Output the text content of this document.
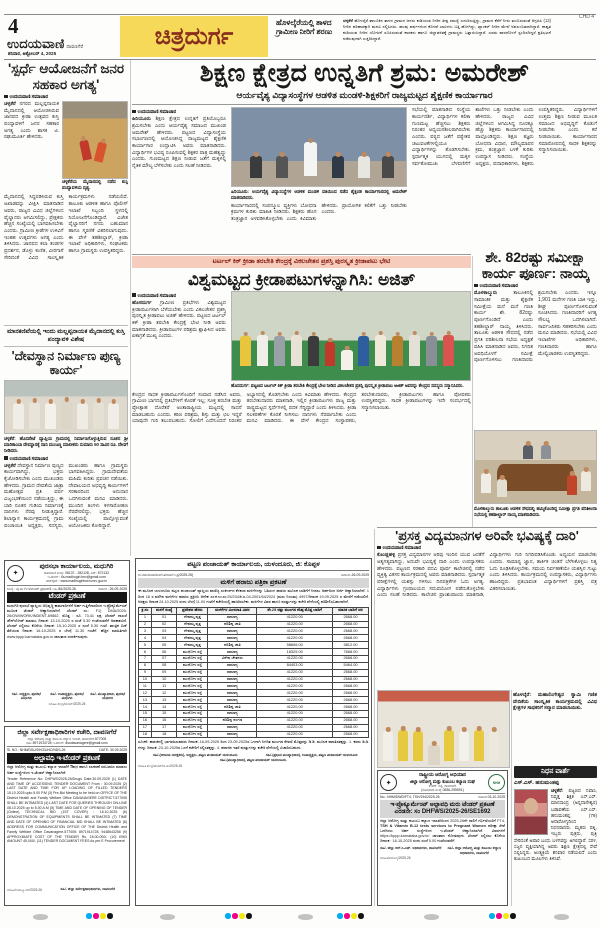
4
ಉದಯವಾಣಿ ದಾವಣಗೆರೆ
ಶನಿವಾರ, ಅಕ್ಟೋಬರ್ 4, 2025
ಚಿತ್ರದುರ್ಗ	ಹೊಳಲ್ಕೆರೆಯಲ್ಲಿ ತಾಳದ ಗ್ರಾಮೀಣ ನೀರಿಗೆ ಶರಣು
ಚಳ್ಳಕೆರೆ ಹೊಳಲ್ಕೆರೆ ತಾಲೂಕಿನ ತಾಳದ ಗ್ರಾಮದ ಜನರು ಕುಡಿಯುವ ನೀರಿನ ತೀವ್ರ ಸಮಸ್ಯೆ ಎದುರಿಸುತ್ತಿದ್ದು, ಗ್ರಾಮದ ಕೆರೆಗೆ ನೀರು ತುಂಬಿಸುವಂತೆ ಆಗ್ರಹಿಸಿ (13) ನೀರಿನ ಪರಿಹಾರಕ್ಕಾಗಿ ಮನವಿ ಸಲ್ಲಿಸಿದರು. ಹಲವು ವರ್ಷಗಳಿಂದ ಕೊಳವೆ ಬಾವಿಗಳು ಬತ್ತಿ ಹೋಗಿದ್ದು, ಟ್ಯಾಂಕರ್ ನೀರಿನ ಮೇಲೆ ಅವಲಂಬಿತರಾಗಿದ್ದಾರೆ. ಶಾಶ್ವತ ಕುಡಿಯುವ ನೀರಿನ ಯೋಜನೆ ರೂಪಿಸುವಂತೆ ಶಾಸಕರು ಹಾಗೂ ಜಿಲ್ಲಾಡಳಿತಕ್ಕೆ ಗ್ರಾಮಸ್ಥರು ಒತ್ತಾಯಿಸಿದ್ದಾರೆ. ಎರಡು ವಾರದೊಳಗೆ ಸ್ಪಂದಿಸದಿದ್ದರೆ ಪ್ರತಿಭಟನೆ ನಡೆಸುವುದಾಗಿ ಎಚ್ಚರಿಸಿದ್ದಾರೆ.
CHD 4
'ಸ್ಪರ್ಧೆ ಆಯೋಜನೆಗೆ ಜನರ ಸಹಕಾರ ಅಗತ್ಯ'
ಉದಯವಾಣಿ ಸಮಾಚಾರ
ಚಳ್ಳಕೆರೆಯ ಮೈದಾನದಲ್ಲಿ ನಡೆದ ಕುಸ್ತಿ ಪಂದ್ಯಾವಳಿಯ ದೃಶ್ಯ.
ಚಳ್ಳಕೆರೆ ನಗರದ ಮಲ್ಲಪ್ಪನಾಯಕ ಮೈದಾನದಲ್ಲಿ ಆಯೋಜಿಸಿರುವ ಜಾನಪದ ಕ್ರೀಡಾ ಉತ್ಸವದ ಕುಸ್ತಿ ಪಂದ್ಯಾವಳಿಗೆ ಜನರ ಸಹಕಾರ ಅಗತ್ಯ ಎಂದು ಶಾಸಕ ಟಿ. ರಘುಮೂರ್ತಿ ಹೇಳಿದರು.
ಮೈದಾನದಲ್ಲಿ ಸಿದ್ಧಪಡಿಸಿರುವ ಕುಸ್ತಿ ಅಖಾಡವನ್ನು ವೀಕ್ಷಿಸಿ ಮಾತನಾಡಿದ ಅವರು, ರಾಜ್ಯದ ವಿವಿಧ ಜಿಲ್ಲೆಗಳಿಂದ ಪೈಲ್ವಾನರು ಆಗಮಿಸಲಿದ್ದು, ಪ್ರೇಕ್ಷಕರು ಹೆಚ್ಚಿನ ಸಂಖ್ಯೆಯಲ್ಲಿ ಭಾಗವಹಿಸಬೇಕು ಎಂದರು. ಗ್ರಾಮೀಣ ಕ್ರೀಡೆಗಳ ಉಳಿವಿಗೆ ಇಂತಹ ಉತ್ಸವಗಳು ಅಗತ್ಯ ಎಂದು ತಿಳಿಸಿದರು. ಜಾನಪದ ಕಲಾ ತಂಡಗಳ ಪ್ರದರ್ಶನ, ಡೊಳ್ಳು ಕುಣಿತ, ವೀರಗಾಸೆ ಸೇರಿದಂತೆ ವಿವಿಧ ಸಾಂಸ್ಕೃತಿಕ ಕಾರ್ಯಕ್ರಮಗಳು ನಡೆಯಲಿವೆ. ತಾಲೂಕು ಆಡಳಿತ ಹಾಗೂ ಪೊಲೀಸ್ ಇಲಾಖೆ ಸಿಬ್ಬಂದಿ ಸ್ಥಳದಲ್ಲಿ ನಿಯೋಜನೆಗೊಂಡಿದ್ದಾರೆ. ವಿಜೇತ ಪೈಲ್ವಾನರಿಗೆ ನಗದು ಬಹುಮಾನ ಹಾಗೂ ಸ್ಮರಣಿಕೆ ವಿತರಿಸಲಾಗುವುದು. ಈ ವೇಳೆ ತಹಶೀಲ್ದಾರ್, ಕ್ರೀಡಾ ಇಲಾಖೆ ಅಧಿಕಾರಿಗಳು, ಸಂಘಟಕರು ಹಾಗೂ ಗ್ರಾಮಸ್ಥರು ಉಪಸ್ಥಿತರಿದ್ದರು.
ಮಾನಕಣಿವೆಯಲ್ಲಿ ಇಂದು ಮಲ್ಲಪ್ಪನಾಯಕ ಮೈದಾನದಲ್ಲಿ ಕುಸ್ತಿ ಪಂದ್ಯಾವಳಿ ವಿಶೇಷ
'ದೇವಸ್ಥಾನ ನಿರ್ಮಾಣ ಪುಣ್ಯ ಕಾರ್ಯ'
ಚಳ್ಳಕೆರೆ: ಹೊಸಪೇಟೆ ವ್ಯಾಪ್ತಿಯ ಗ್ರಾಮದಲ್ಲಿ ನಿರ್ಮಾಣಗೊಳ್ಳುತ್ತಿರುವ ನೂತನ ಶ್ರೀ ಮಾರಿಕಾಂಬಾ ದೇವಸ್ಥಾನಕ್ಕೆ ದಾನಿ ಮಂಜಣ್ಣ ಮಾಲೀಕರು ಸುಮಾರು 50 ಸಾವಿರ ರೂ. ದೇಣಿಗೆ ನೀಡಿದರು.
ಉದಯವಾಣಿ ಸಮಾಚಾರ
ಚಳ್ಳಕೆರೆ ದೇವಸ್ಥಾನ ನಿರ್ಮಾಣ ಪುಣ್ಯದ ಕಾರ್ಯವಾಗಿದ್ದು, ಭಕ್ತರು ಕೈಜೋಡಿಸಬೇಕು ಎಂದು ಮುಖಂಡರು ಹೇಳಿದರು. ಗ್ರಾಮದ ದೇವತೆಯ ಜಾತ್ರಾ ಮಹೋತ್ಸವ ಪ್ರತಿ ವರ್ಷ ವಿಜೃಂಭಣೆಯಿಂದ ನಡೆಯುತ್ತಿದ್ದು, ಈ ಬಾರಿ ನೂತನ ಗುಡಿಯ ನಿರ್ಮಾಣಕ್ಕೆ ದಾನಿಗಳು ನೆರವು ನೀಡುತ್ತಿದ್ದಾರೆ. ಶಿಲಾನ್ಯಾಸ ಕಾರ್ಯಕ್ರಮದಲ್ಲಿ ಗ್ರಾಮ ಪಂಚಾಯಿತಿ ಅಧ್ಯಕ್ಷರು, ಸದಸ್ಯರು, ಮುಖಂಡರು ಹಾಗೂ ಗ್ರಾಮಸ್ಥರು ಭಾಗವಹಿಸಿದ್ದರು. ಗ್ರಾಮದೇವತೆಯ ಮಹಿಮೆ ಕುರಿತು ಪ್ರವಚನ ನಡೆಯಿತು. ದೇವಾಲಯದ ಅಭಿವೃದ್ಧಿ ಕಾರ್ಯಗಳಿಗೆ ಸರಕಾರದಿಂದ ಅನುದಾನ ಒದಗಿಸುವಂತೆ ಮನವಿ ಮಾಡಿದರು. ಮುಂದಿನ ತಿಂಗಳು ಕಳಸಾರೋಹಣ ನೆರವೇರಲಿದ್ದು, ಭಕ್ತರು ಹೆಚ್ಚಿನ ಸಂಖ್ಯೆಯಲ್ಲಿ ಪಾಲ್ಗೊಳ್ಳುವಂತೆ ಆಯೋಜಕರು ಕೋರಿದ್ದಾರೆ.
ಶಿಕ್ಷಣ ಕ್ಷೇತ್ರದ ಉನ್ನತಿಗೆ ಶ್ರಮ: ಅಮರೇಶ್
ಆರ್ಯವೈಶ್ಯ ವಿದ್ಯಾಸಂಸ್ಥೆಗಳ ಆಡಳಿತ ಮಂಡಳಿ-ಶಿಕ್ಷಕರಿಗೆ ರಾಜ್ಯಮಟ್ಟದ ಶೈಕ್ಷಣಿಕ ಕಾರ್ಯಾಗಾರ
ಉದಯವಾಣಿ ಸಮಾಚಾರ
ಹಿರಿಯೂರು ಶಿಕ್ಷಣ ಕ್ಷೇತ್ರದ ಉನ್ನತಿಗೆ ಪ್ರತಿಯೊಬ್ಬರೂ ಶ್ರಮಿಸಬೇಕು ಎಂದು ಆರ್ಯವೈಶ್ಯ ಸಮಾಜದ ಮುಖಂಡ ಅಮರೇಶ್ ಹೇಳಿದರು. ಪಟ್ಟಣದ ವಿದ್ಯಾಸಂಸ್ಥೆಯ ಸಭಾಂಗಣದಲ್ಲಿ ಆಯೋಜಿಸಿದ್ದ ರಾಜ್ಯಮಟ್ಟದ ಶೈಕ್ಷಣಿಕ ಕಾರ್ಯಾಗಾರ ಉದ್ಘಾಟಿಸಿ ಅವರು ಮಾತನಾಡಿದರು. ವಿದ್ಯಾರ್ಥಿಗಳ ಭವಿಷ್ಯ ರೂಪಿಸುವಲ್ಲಿ ಶಿಕ್ಷಕರ ಪಾತ್ರ ಮಹತ್ವದ್ದು ಎಂದರು. ಗುಣಮಟ್ಟದ ಶಿಕ್ಷಣ ನೀಡುವ ಜತೆಗೆ ಮಕ್ಕಳಲ್ಲಿ ನೈತಿಕ ಮೌಲ್ಯ ಬೆಳೆಸಬೇಕು ಎಂದು ಸಲಹೆ ನೀಡಿದರು.
ಹಿರಿಯೂರು: ಆರ್ಯವೈಶ್ಯ ವಿದ್ಯಾಸಂಸ್ಥೆಗಳ ಆಡಳಿತ ಮಂಡಳಿ ವತಿಯಿಂದ ನಡೆದ ಶೈಕ್ಷಣಿಕ ಕಾರ್ಯಾಗಾರದಲ್ಲಿ ಅಮರೇಶ್ ಮಾತನಾಡಿದರು.
ಕಾರ್ಯಾಗಾರದಲ್ಲಿ ಸಂಪನ್ಮೂಲ ವ್ಯಕ್ತಿಗಳು ಬೋಧನಾ ಕ್ರಮಗಳ ಕುರಿತು ಮಾಹಿತಿ ನೀಡಿದರು. ಶಿಕ್ಷಕರು ಹೊಸ ತಂತ್ರಜ್ಞಾನ ಅಳವಡಿಸಿಕೊಳ್ಳಬೇಕು ಎಂದು ಕಿವಿಮಾತು ಹೇಳಿದರು. ಪ್ರಾಯೋಗಿಕ ಕಲಿಕೆಗೆ ಒತ್ತು ನೀಡಬೇಕು ಎಂದರು.
ಸಭೆಯಲ್ಲಿ ಮಾತನಾಡಿದ ಸಂಸ್ಥೆಯ ಕಾರ್ಯದರ್ಶಿ, ವಿದ್ಯಾರ್ಥಿಗಳ ಕಲಿಕಾ ಗುಣಮಟ್ಟ ಹೆಚ್ಚಿಸಲು ಶಿಕ್ಷಕರು ನಿರಂತರ ಅಧ್ಯಯನಶೀಲರಾಗಿರಬೇಕು ಎಂದರು. ಪಠ್ಯದ ಜತೆಗೆ ಪಠ್ಯೇತರ ಚಟುವಟಿಕೆಗಳಲ್ಲಿಯೂ ವಿದ್ಯಾರ್ಥಿಗಳನ್ನು ತೊಡಗಿಸಬೇಕು. ಸ್ಪರ್ಧಾತ್ಮಕ ಯುಗದಲ್ಲಿ ಮಕ್ಕಳ ಸರ್ವತೋಮುಖ ಬೆಳವಣಿಗೆಗೆ ಶಾಲೆಗಳು ಒತ್ತು ನೀಡಬೇಕು ಎಂದು ಹೇಳಿದರು. ರಾಜ್ಯದ ವಿವಿಧ ಜಿಲ್ಲೆಗಳಿಂದ ಆಗಮಿಸಿದ್ದ ನೂರಕ್ಕೂ ಹೆಚ್ಚು ಶಿಕ್ಷಕರು ಕಾರ್ಯಾಗಾರದಲ್ಲಿ ಪಾಲ್ಗೊಂಡಿದ್ದರು. ಶಿಕ್ಷಣ ತಜ್ಞರು ಬೋಧನಾ ವಿಧಾನ, ಮೌಲ್ಯಮಾಪನ ಕ್ರಮ, ತಂತ್ರಜ್ಞಾನ ಬಳಕೆ ಕುರಿತು ಉಪನ್ಯಾಸ ನೀಡಿದರು. ಸಂಸ್ಥೆಯ ಅಧ್ಯಕ್ಷರು, ಪದಾಧಿಕಾರಿಗಳು, ಶಿಕ್ಷಕರು ಉಪಸ್ಥಿತರಿದ್ದರು. ವಿದ್ಯಾರ್ಥಿಗಳಿಗೆ ಉತ್ತಮ ಶಿಕ್ಷಣ ನೀಡುವ ಮೂಲಕ ಸಮಾಜದ ಅಭಿವೃದ್ಧಿಗೆ ಕೊಡುಗೆ ನೀಡಬೇಕು ಎಂದು ಕರೆ ನೀಡಲಾಯಿತು. ಕಾರ್ಯಾಗಾರದ ಸಮಾರೋಪದಲ್ಲಿ ಸಾಧಕ ಶಿಕ್ಷಕರನ್ನು ಸನ್ಮಾನಿಸಲಾಯಿತು.
ಟರ್ಟಲ್ ಕಿಕ್ ಕ್ರೀಡಾ ತರಬೇತಿ ಕೇಂದ್ರಕ್ಕೆ ವಿಕಲಚೇತನ ಪ್ರಶಸ್ತಿ ಪುರಸ್ಕೃತ ಕ್ರೀಡಾಪಟು ಭೇಟಿ
ವಿಶ್ವಮಟ್ಟದ ಕ್ರೀಡಾಪಟುಗಳನ್ನಾಗಿಸಿ: ಅಜಿತ್
ಉದಯವಾಣಿ ಸಮಾಚಾರ
ಹೊಸದುರ್ಗ ಗ್ರಾಮೀಣ ಪ್ರತಿಭೆಗಳು ವಿಶ್ವಮಟ್ಟದ ಕ್ರೀಡಾಪಟುಗಳಾಗಿ ಬೆಳೆಯಬೇಕು ಎಂದು ವಿಕಲಚೇತನ ಪ್ರಶಸ್ತಿ ಪುರಸ್ಕೃತ ಕ್ರೀಡಾಪಟು ಅಜಿತ್ ಹೇಳಿದರು. ಪಟ್ಟಣದ ಟರ್ಟಲ್ ಕಿಕ್ ಕ್ರೀಡಾ ತರಬೇತಿ ಕೇಂದ್ರಕ್ಕೆ ಭೇಟಿ ನೀಡಿ ಅವರು ಮಾತನಾಡಿದರು. ಕ್ರೀಡಾಪಟುಗಳ ಪರಿಶ್ರಮ ಶ್ಲಾಘಿಸಿದ ಅವರು ಏಕಾಗ್ರತೆ ಮುಖ್ಯ ಎಂದರು.
ಹೊಸದುರ್ಗ: ಪಟ್ಟಣದ ಟರ್ಟಲ್ ಕಿಕ್ ಕ್ರೀಡಾ ತರಬೇತಿ ಕೇಂದ್ರಕ್ಕೆ ಭೇಟಿ ನೀಡಿದ ವಿಕಲಚೇತನ ಪ್ರಶಸ್ತಿ ಪುರಸ್ಕೃತ ಕ್ರೀಡಾಪಟು ಅಜಿತ್ ಅವರನ್ನು ಕೇಂದ್ರದ ಸದಸ್ಯರು ಸನ್ಮಾನಿಸಿದರು.
ಕೇಂದ್ರದ ಸಾಧಕ ಕ್ರೀಡಾಪಟುಗಳೊಂದಿಗೆ ಸಂವಾದ ನಡೆಸಿದ ಅವರು, ಗ್ರಾಮೀಣ ಭಾಗದಲ್ಲಿ ಪ್ರತಿಭೆಗಳಿಗೆ ಕೊರತೆ ಇಲ್ಲ; ಸೂಕ್ತ ತರಬೇತಿ ಮತ್ತು ಪ್ರೋತ್ಸಾಹ ದೊರೆತರೆ ಅಂತಾರಾಷ್ಟ್ರೀಯ ಮಟ್ಟದಲ್ಲಿ ಸಾಧನೆ ಮಾಡಬಹುದು ಎಂದರು. ಕಠಿಣ ಪರಿಶ್ರಮ, ಶಿಸ್ತು ಮತ್ತು ಛಲ ಇದ್ದರೆ ಯಾವುದೇ ಗುರಿ ತಲುಪಬಹುದು. ಸೋಲಿಗೆ ಎದೆಗುಂದದೆ ನಿರಂತರ ಅಭ್ಯಾಸದಲ್ಲಿ ತೊಡಗಬೇಕು ಎಂದು ಕಿವಿಮಾತು ಹೇಳಿದರು. ಕೇಂದ್ರದ ತರಬೇತುದಾರರು ಮಾತನಾಡಿ, ಇಲ್ಲಿನ ಕ್ರೀಡಾಪಟುಗಳು ರಾಜ್ಯ ಮತ್ತು ರಾಷ್ಟ್ರಮಟ್ಟದ ಸ್ಪರ್ಧೆಗಳಲ್ಲಿ ಪದಕ ಗೆದ್ದಿದ್ದಾರೆ ಎಂದು ತಿಳಿಸಿದರು. ಕ್ರೀಡಾ ಸಲಕರಣೆಗಳ ಕೊರತೆ ನೀಗಿಸಲು ದಾನಿಗಳು ನೆರವಾಗಬೇಕು ಎಂದು ಮನವಿ ಮಾಡಿದರು. ಈ ವೇಳೆ ಕೇಂದ್ರದ ಸಂಸ್ಥಾಪಕರು, ತರಬೇತುದಾರರು, ಕ್ರೀಡಾಪಟುಗಳು ಹಾಗೂ ಪೋಷಕರು ಉಪಸ್ಥಿತರಿದ್ದರು. ಸಾಧಕ ಕ್ರೀಡಾಪಟುಗಳನ್ನು ಇದೇ ಸಂದರ್ಭದಲ್ಲಿ ಸನ್ಮಾನಿಸಲಾಯಿತು.
ಶೇ. 82ರಷ್ಟು ಸಮೀಕ್ಷಾ ಕಾರ್ಯ ಪೂರ್ಣ: ನಾಯ್ಕ
ಉದಯವಾಣಿ ಸಮಾಚಾರ
ಮೊಳಕಾಲ್ಮುರು	ತಾಲೂಕಿನಲ್ಲಿ ಸಾಮಾಜಿಕ ಮತ್ತು ಶೈಕ್ಷಣಿಕ ಸಮೀಕ್ಷೆಯ ಮನೆ ಮನೆ ಗಣತಿ ಕಾರ್ಯ ಶೇ. 82ರಷ್ಟು ಪೂರ್ಣಗೊಂಡಿದೆ ಎಂದು ತಹಶೀಲ್ದಾರ್ ನಾಯ್ಕ ತಿಳಿಸಿದರು. ತಾಲೂಕು ಆಡಳಿತ ಸೌಧದಲ್ಲಿ ನಡೆದ ಪ್ರಗತಿ ಪರಿಶೀಲನಾ ಸಭೆಯ ಅಧ್ಯಕ್ಷತೆ ವಹಿಸಿ ಮಾತನಾಡಿದ ಅವರು, ನಿಗದಿತ ಅವಧಿಯೊಳಗೆ ಸಮೀಕ್ಷೆ ಪೂರ್ಣಗೊಳಿಸಲು ಗಣತಿದಾರರು ಶ್ರಮಿಸಬೇಕು ಎಂದರು. ಇನ್ನೂ 1,901 ಮನೆಗಳ ಗಣತಿ ಬಾಕಿ ಇದ್ದು, ಶೀಘ್ರ ಪೂರ್ಣಗೊಳಿಸುವಂತೆ ಸೂಚಿಸಿದರು. ಗಣತಿದಾರರಿಗೆ ಅಗತ್ಯ ಸೌಲಭ್ಯ ಒದಗಿಸಲಾಗಿದೆ. ಸಾರ್ವಜನಿಕರು ಸಹಕರಿಸಬೇಕು ಎಂದು ಮನವಿ ಮಾಡಿದರು. ಸಭೆಯಲ್ಲಿ ವಿವಿಧ ಇಲಾಖೆಗಳ ಅಧಿಕಾರಿಗಳು, ಗಣತಿದಾರರು ಹಾಗೂ ಮೇಲ್ವಿಚಾರಕರು ಉಪಸ್ಥಿತರಿದ್ದರು.
ಮೊಳಕಾಲ್ಮುರು ತಾಲೂಕು ಆಡಳಿತ ಸೌಧದಲ್ಲಿ ಹಮ್ಮಿಕೊಂಡಿದ್ದ ಸಮೀಕ್ಷಾ ಪ್ರಗತಿ ಪರಿಶೀಲನಾ ಸಭೆಯಲ್ಲಿ ತಹಶೀಲ್ದಾರ್ ನಾಯ್ಕ ಮಾತನಾಡಿದರು.
'ಪ್ರಸಕ್ತ ವಿದ್ಯಮಾನಗಳ ಅರಿವೇ ಭವಿಷ್ಯಕ್ಕೆ ದಾರಿ'
ಉದಯವಾಣಿ ಸಮಾಚಾರ
ಕೊಂಡ್ಲಹಳ್ಳಿ ಪ್ರಸಕ್ತ ವಿದ್ಯಮಾನಗಳ ಅರಿವು ಇಂದಿನ ಯುವ ಜನತೆಗೆ ಅತ್ಯಗತ್ಯವಾಗಿದ್ದು, ಅದುವೇ ಭವಿಷ್ಯಕ್ಕೆ ದಾರಿ ಎಂದು ಉಪನ್ಯಾಸಕರು ಹೇಳಿದರು. ಪಟ್ಟಣದ ಸರಕಾರಿ ಪದವಿ ಪೂರ್ವ ಕಾಲೇಜಿನಲ್ಲಿ ನಡೆದ ವ್ಯಕ್ತಿತ್ವ ವಿಕಸನ ಕಾರ್ಯಕ್ರಮದಲ್ಲಿ ಅವರು ಮಾತನಾಡಿದರು. ಸ್ಪರ್ಧಾತ್ಮಕ ಪರೀಕ್ಷೆಗಳಲ್ಲಿ ಯಶಸ್ಸು ಗಳಿಸಲು ದಿನಪತ್ರಿಕೆಗಳ ಓದು ಅಗತ್ಯ. ವಿದ್ಯಾರ್ಥಿಗಳು ಗ್ರಂಥಾಲಯದ ಸದುಪಯೋಗ ಪಡೆದುಕೊಳ್ಳಬೇಕು ಎಂದು ಸಲಹೆ ನೀಡಿದರು. ಕಾಲೇಜಿನ ಪ್ರಾಂಶುಪಾಲರು ಮಾತನಾಡಿ, ವಿದ್ಯಾರ್ಥಿಗಳು ಗುರಿ ನಿಗದಿಪಡಿಸಿಕೊಂಡು ಅಧ್ಯಯನ ಮಾಡಬೇಕು ಎಂದರು. ಸಾಮಾನ್ಯ ಜ್ಞಾನ, ತಾರ್ಕಿಕ ಚಿಂತನೆ ಬೆಳೆಸಿಕೊಳ್ಳಲು ನಿತ್ಯ ಓದು ರೂಢಿಸಿಕೊಳ್ಳಬೇಕು. ಸಮಯ ನಿರ್ವಹಣೆಯೇ ಯಶಸ್ಸಿನ ಗುಟ್ಟು ಎಂದು ತಿಳಿಸಿದರು. ಕಾರ್ಯಕ್ರಮದಲ್ಲಿ ಉಪನ್ಯಾಸಕರು, ವಿದ್ಯಾರ್ಥಿಗಳು ಹಾಜರಿದ್ದರು. ಪ್ರತಿಭಾವಂತ ವಿದ್ಯಾರ್ಥಿಗಳಿಗೆ ಪ್ರಶಸ್ತಿ ಪತ್ರ ವಿತರಿಸಲಾಯಿತು.
ಹೊಳಲ್ಕೆರೆ: ಮಹಾಲಿಂಗೇಶ್ವರ ಸ್ವಾಮಿ ಗಣಿತ ವೇದಿಕೆಯ ಸಾಂಸ್ಕೃತಿಕ ಕಾರ್ಯಕ್ರಮದಲ್ಲಿ ವಿವಿಧ ಕ್ಷೇತ್ರಗಳ ಸಾಧಕರಿಗೆ ಸನ್ಮಾನ ಮಾಡಲಾಯಿತು.
✦
ರಾಷ್ಟ್ರೀಯ ಆರೋಗ್ಯ ಅಭಿಯಾನ
ಜಿಲ್ಲಾ ಆರೋಗ್ಯ ಮತ್ತು ಕುಟುಂಬ ಕಲ್ಯಾಣ ಸಂಘ
ಕೆ.ಆರ್. ರಸ್ತೆ, ದಾವಣಗೆರೆ
(ದೂರವಾಣಿ ಸಂಖ್ಯೆ 0836-295591)
NHM
No.: NHM/DWD/FT4, TSH/194/2025-26	ದಿನಾಂಕ 03-10-2025
ಇ-ಪ್ರೊಕ್ಯೂರ್ಮೆಂಟ್ ಅಲ್ಪಾವಧಿ ಮರು ಟೆಂಡರ್ ಪ್ರಕಟಣೆ
ಎರಡನೇ: ಸಂ DHFWS/2025-26/SE1692
ಜಿಲ್ಲಾ ಆರೋಗ್ಯ ಮತ್ತು ಕುಟುಂಬ ಕಲ್ಯಾಣ ಇಲಾಖೆಯಿಂದ 2025-26ನೇ ಸಾಲಿಗೆ ಗರ್ಭಿಣಿಯರಿಗೆ FT4, TSH & Vitamin B-12 tests services to Pregnant Women ಪರೀಕ್ಷಾ ಸೇವೆ ಒದಗಿಸಲು ಅರ್ಹ ಸಂಸ್ಥೆಗಳಿಂದ ಇ-ಟೆಂಡರ್ ಆಹ್ವಾನಿಸಲಾಗಿದೆ. ವಿವರಗಳಿಗೆ https://kppp.karnataka.gov.in/ ಜಾಲತಾಣ ನೋಡುವುದು. ಟೆಂಡರ್ ಸಲ್ಲಿಸಲು ಕೊನೆಯ ದಿನಾಂಕ : 16-10-2025 ರಂದು ಸಂಜೆ 5.00 ಗಂಟೆಯವರೆಗೆ.
ಸಹಿ/- ಜಿಲ್ಲಾ ಆರ್.ಸಿ.ಎಚ್. ಅಧಿಕಾರಿಗಳು, ದಾವಣಗೆರೆ	ಸಹಿ/- ಜಿಲ್ಲಾ ಆರೋಗ್ಯ ಮತ್ತು ಕುಟುಂಬ ಕಲ್ಯಾಣ ಅಧಿಕಾರಿಗಳು, ದಾವಣಗೆರೆ
ಮಾಹಿತಿ/ಆರೋಗ್ಯ/2025-26
ನಿಧನ ವಾರ್ತೆ
ಎಸ್.ಎಸ್. ಹನುಮಂತಪ್ಪ
ಚಳ್ಳಕೆರೆ: ಪಟ್ಟಣದ ನಿವಾಸಿ, ನಿವೃತ್ತ ಶಿಕ್ಷಕ ಎಸ್.ಎಸ್. ಮಾನಸಾಂದ್ರ (ಅನ್ನದಾನೇಶ್ವರ) ಬಡಾವಣೆಯ ಎಸ್.ಎಸ್. ಹನುಮಂತಪ್ಪ (79) ಅನಾರೋಗ್ಯದಿಂದ ನಿಧನರಾದರು. ಮೃತರು ಪತ್ನಿ, ಇಬ್ಬರು ಪುತ್ರರು, ಪುತ್ರಿ ಸೇರಿದಂತೆ ಅಪಾರ ಬಂಧು ಬಳಗವನ್ನು ಅಗಲಿದ್ದಾರೆ. ಸರಳ, ಸಜ್ಜನ ವ್ಯಕ್ತಿಯಾಗಿದ್ದ ಅವರು ಶಿಕ್ಷಣ ಕ್ಷೇತ್ರದಲ್ಲಿ ಸೇವೆ ಸಲ್ಲಿಸಿದ್ದರು. ಅಂತ್ಯಕ್ರಿಯೆ ಶನಿವಾರ ನಡೆಯಲಿದೆ ಎಂದು ಕುಟುಂಬದ ಮೂಲಗಳು ತಿಳಿಸಿವೆ.
✦
ಪುರಸಭಾ ಕಾರ್ಯಾಲಯ, ಮಧುಗಿರಿ
ದೂರವಾಣಿ ಸಂಖ್ಯೆ: 08137 - 282128, ಪಿನ್: 572132
ಇ-ಮೇಲ್ : ks.madhugiri.tmc@gmail.com
ವೆಬ್‌ಸೈಟ್ : www.madhugiritown.mrc.gov.in
ಸಂಖ್ಯೆ : ಪು.ಮ./ಇಇ/ಟೆಂಡರ್ ಪ್ರಕಟಣೆ/1.ಇಪಿ./81/2025-26	ದಿನಾಂಕ : 26-09-2025
ಟೆಂಡರ್ ಪ್ರಕಟಣೆ
ಮಧುಗಿರಿ ಪುರಸಭೆ ವ್ಯಾಪ್ತಿಯ ಅಭಿವೃದ್ಧಿ ಕಾಮಗಾರಿಗಳಿಗೆ ಅರ್ಹ ಗುತ್ತಿಗೆದಾರರಿಂದ ಇ-ಪ್ರೊಕ್ಯೂರ್ಮೆಂಟ್ ಮೂಲಕ ಟೆಂಡರ್ ಆಹ್ವಾನಿಸಲಾಗಿದೆ. ಟೆಂಡರ್ ಸಂ.: F1) DMA/2025-26/OW/WORK/INDENT-69862, ಮೊತ್ತ : ರೂ. 73.41 ಲಕ್ಷ. ಟೆಂಡರ್ ದಾಖಲೆ ಡೌನ್‌ಲೋಡ್ ಮಾಡಲು ದಿನಾಂಕ: 13-10-2025 ರ ಸಂಜೆ 5.30 ಗಂಟೆಯವರೆಗೆ ಅವಕಾಶವಿದೆ. ಟೆಂಡರ್ ಸಲ್ಲಿಸಲು ಕೊನೆಯ ದಿನಾಂಕ: 15-10-2025 ರ ಸಂಜೆ 5.30 ಗಂಟೆ. ತಾಂತ್ರಿಕ ಬಿಡ್ ತೆರೆಯುವ ದಿನಾಂಕ: 16-10-2025 ರ ಬೆಳಗ್ಗೆ 11.30 ಗಂಟೆಗೆ. ಹೆಚ್ಚಿನ ಮಾಹಿತಿಗಾಗಿ www.kppp.karnataka.gov.in ಜಾಲತಾಣ ಸಂಪರ್ಕಿಸುವುದು.
ಸಹಿ/- ಅಧ್ಯಕ್ಷರು, ಪುರಸಭೆ ಮಧುಗಿರಿ
ಸಹಿ/- ಉಪಾಧ್ಯಕ್ಷರು, ಪುರಸಭೆ ಮಧುಗಿರಿ
ಸಹಿ/- ಮುಖ್ಯಾಧಿಕಾರಿ, ಪುರಸಭೆ ಮಧುಗಿರಿ
ಮಾಹಿತಿ ಕೇಂದ್ರ/ಟೆಂಡರ್/2025-26
ಜಿಲ್ಲಾ ಸರ್ವೇಕ್ಷಣಾಧಿಕಾರಿಗಳ ಕಚೇರಿ, ದಾವಣಗೆರೆ
ಜಿಲ್ಲಾ ಆರೋಗ್ಯ ಮತ್ತು ಕುಟುಂಬ ಕಲ್ಯಾಣ ಇಲಾಖೆ, ದಾವಣಗೆರೆ-577005
ದೂ: 8971914728 ಇ-ಮೇಲ್: dsodavanagere@gmail.com
Sl. NO.: NHM/DSU/DHO/UHC/NDS-26	DATE: 30.09.2025
ಅಲ್ಪಾವಧಿ ಇ-ಟೆಂಡರ್ ಪ್ರಕಟಣೆ
ಜಿಲ್ಲಾ ಆರೋಗ್ಯ ಮತ್ತು ಕುಟುಂಬ ಕಲ್ಯಾಣ ಇಲಾಖೆಗೆ ಔಷಧ ಹಾಗೂ ಸಲಕರಣೆ ಸರಬರಾಜು ಮಾಡಲು ಅರ್ಹ ಸಂಸ್ಥೆಗಳಿಂದ ಇ-ಟೆಂಡರ್ ಆಹ್ವಾನಿಸಲಾಗಿದೆ.
Tender Reference No: DHFWS/2025-26/Drugs Date:30.09.2025 (1) DATE AND TIME OF ACCESSING TENDER DOCUMENT From : 30.09.2025 (2) LAST DATE AND TIME FOR UP LOADING OF FILLED TENDERS 15.10.2025 upto 5.00 P.M (3) Pre-Bid Meeting to be held on OFFICE OF THE District Health and Family Welfare Office DAVANAGERE DISTRICT-577005 SHALL BE INTIMATED (4) LAST DATE FOR QUERIES THROUGH ON-LINE 08.10.2025 up to 5.00 A.M (5) TIME AND DATE OF OPENING OF TENDER (Online) TECHNICAL BID (1ST COVER) : 16.10.2025 (6) DEMONSTRATION OF EQUIPMENTS SHALL BE INTIMATED (7) TIME AND DATE OF OPENING OF FINANCIAL BID SHALL BE INTIMATED (8) ADDRESS FOR COMMUNICATION OFFICE OF THE District Health and Family Welfare Office Davanagere-577005: 8971914728, 9448643256 (9) APPROXIMATE COST OF THE TENDER Rs. 18,00,000/- (10) EMD AMOUNT 45,000/- (11) TENDER DOCUMENT FEES As per E Procurement
ಮಾಹಿತಿ/ಇಡಬ್ಲ್ಯೂಎಸ್/2025-26	ಸಹಿ/- ಜಿಲ್ಲಾ ಸರ್ವೇಕ್ಷಣಾಧಿಕಾರಿಗಳು, ದಾವಣಗೆರೆ
ಪಟ್ಟಣ ಪಂಚಾಯತ್ ಕಾರ್ಯಾಲಯ, ಯಳಂದೂರು, ಜಿ: ಕೊಪ್ಪಳ
ಸಂ:ಪಪಂಕಾಯ/ಮಳಿಗೆ-ಹರಾಜು/ಇ.ಪ್ರ/2025-26)	ದಿನಾಂಕ:-26-09-2025
ಮಳಿಗೆ ಹರಾಜು ಪತ್ರಿಕಾ ಪ್ರಕಟಣೆ
ಈ ಮೂಲಕ ಯಳಂದೂರು ಪಟ್ಟಣ ಪಂಚಾಯತ್ ವ್ಯಾಪ್ತಿಯ ವಾಣಿಜ್ಯ ಸಂಕೀರ್ಣದ ಕೆಳಕಂಡ ಮಳಿಗೆಗಳನ್ನು ಬಹಿರಂಗ ಹರಾಜು ಮೂಲಕ ಬಾಡಿಗೆಗೆ ನೀಡಲು ಅರ್ಹರಿಂದ ಅರ್ಜಿ ಆಹ್ವಾನಿಸಲಾಗಿದೆ. 1 ರಿಂದ 18 ರ ವರೆಗಿನ ಮಳಿಗೆಗಳ ಹರಾಜು ಪ್ರಕ್ರಿಯೆ ಆದೇಶ ಸಂ:ಕ.ಉ.ಸಂ:25/234/ಕಿ.ಎ-04-2001/64/2024 (ಮರು ನಿಯಮ) 4997/ದಿನಾಂಕ 19.09.2025 ರ ಮೇರೆಗೆ ನಡೆಯಲಿದೆ. ಆಸಕ್ತರು ದಿನಾಂಕ 24.10.2025 ರಂದು ಬೆಳಗ್ಗೆ 11.00 ಗಂಟೆಗೆ ಕಚೇರಿಯಲ್ಲಿ ಹಾಜರಿರಬೇಕು. ಮಳಿಗೆಗಳ ವಿವರ ಹಾಗೂ ಷರತ್ತುಗಳನ್ನು ಕಚೇರಿ ವೇಳೆಯಲ್ಲಿ ಪರಿಶೀಲಿಸಬಹುದಾಗಿದೆ.
ಕ್ರ.ಸಂ	ಮಳಿಗೆ ಸಂಖ್ಯೆ	ಪ್ರದೇಶದ ಹೆಸರು	ಮಳಿಗೆಗಳ ಮೀಸಲಾತಿ ವಿವರ	ಶೇ.25 ರಷ್ಟು ಮುಂಗಡ ಕನಿಷ್ಠ ಮೊತ್ತ ಬಾಡಿಗೆ	ಮಾಸಿಕ ಬಾಡಿಗೆ ದರ
1	01	ದೇವಮ್ಮ ವೃತ್ತ	ಸಾಮಾನ್ಯ	41220.00	2668.00
2	02	ದೇವಮ್ಮ ವೃತ್ತ	ಪರಿಶಿಷ್ಟ ಜಾತಿ	41220.00	2668.00
3	03	ದೇವಮ್ಮ ವೃತ್ತ	ಸಾಮಾನ್ಯ	41220.00	2668.00
4	04	ದೇವಮ್ಮ ವೃತ್ತ	ಸಾಮಾನ್ಯ	41220.00	2668.00
5	05	ದೇವಮ್ಮ ವೃತ್ತ	ಪರಿಶಿಷ್ಟ ಜಾತಿ	58606.00	3812.00
6	06	ಮುಧೋಳ ರಸ್ತೆ	ಸಾಮಾನ್ಯ	18325.00	7668.00
7	07	ಮುಧೋಳ ರಸ್ತೆ	ವಿಶೇಷ ಚೇತನರು	41220.00	2668.00
8	08	ಮುಧೋಳ ರಸ್ತೆ	ಸಾಮಾನ್ಯ	84403.00	5464.00
9	09	ಮುಧೋಳ ರಸ್ತೆ	ಸಾಮಾನ್ಯ	41220.00	2668.00
10	10	ಮುಧೋಳ ರಸ್ತೆ	ಸಾಮಾನ್ಯ	41220.00	2668.00
11	11	ಮುಧೋಳ ರಸ್ತೆ	ಸಾಮಾನ್ಯ	41220.00	2668.00
12	12	ಮುಧೋಳ ರಸ್ತೆ	ಸಾಮಾನ್ಯ	41220.00	2668.00
13	13	ಮುಧೋಳ ರಸ್ತೆ	ಸಾಮಾನ್ಯ	41220.00	2668.00
14	14	ಮುಧೋಳ ರಸ್ತೆ	ಪರಿಶಿಷ್ಟ ಜಾತಿ	41220.00	2668.00
15	15	ಮುಧೋಳ ರಸ್ತೆ	ಸಾಮಾನ್ಯ	41220.00	2668.00
16	16	ಮುಧೋಳ ರಸ್ತೆ	ಪರಿಶಿಷ್ಟ ಪಂಗಡ	41220.00	2668.00
17	17	ಮುಧೋಳ ರಸ್ತೆ	ಸಾಮಾನ್ಯ	41220.00	2668.00
18	18	ಮುಧೋಳ ರಸ್ತೆ	ಸಾಮಾನ್ಯ	41220.00	2668.00
ಸೂಚನೆ: ಹರಾಜಿನಲ್ಲಿ ಭಾಗವಹಿಸುವವರು ದಿನಾಂಕ:-16-09-2025 ರಿಂದ 23-09-2025ರ ಒಳಗಾಗಿ ನಿಗದಿತ ಮುಂಗಡ ಠೇವಣಿ ಮೊತ್ತವನ್ನು ಡಿ.ಡಿ. ಮೂಲಕ ಪಾವತಿಸತಕ್ಕದ್ದು. 1. ಕರಡು ಡಿ.ಡಿ. ಗಳನ್ನು ದಿನಾಂಕ:-23-10-2025ರ ಒಳಗೆ ಕಚೇರಿಗೆ ಸಲ್ಲಿಸತಕ್ಕದ್ದು. 4. ಹರಾಜಿನ ಇತರೆ ಷರತ್ತುಗಳನ್ನು ಕಚೇರಿ ವೇಳೆಯಲ್ಲಿ ವಿಚಾರಿಸಬಹುದು.
ಸಹಿ/-(ಆದಾಯ ನಿರೀಕ್ಷಕರು), ಅಧ್ಯಕ್ಷರು, ಪಟ್ಟಣ ಪಂಚಾಯತ್ ಯಳಂದೂರು	ಸಹಿ/-(ಪ್ರಭಾರ ಮುಖ್ಯಾಧಿಕಾರಿ), ಉಪಾಧ್ಯಕ್ಷರು, ಪಟ್ಟಣ ಪಂಚಾಯತ್ ಯಳಂದೂರು
ಸಹಿ/-(ಮುಖ್ಯಾಧಿಕಾರಿ), ಪಟ್ಟಣ ಪಂಚಾಯತ್ ಯಳಂದೂರು.
ಮಾಹಿತಿ ಕೇಂದ್ರ/ಟೆಂಡರ್/ಪ.ಪಂ/2025-26
